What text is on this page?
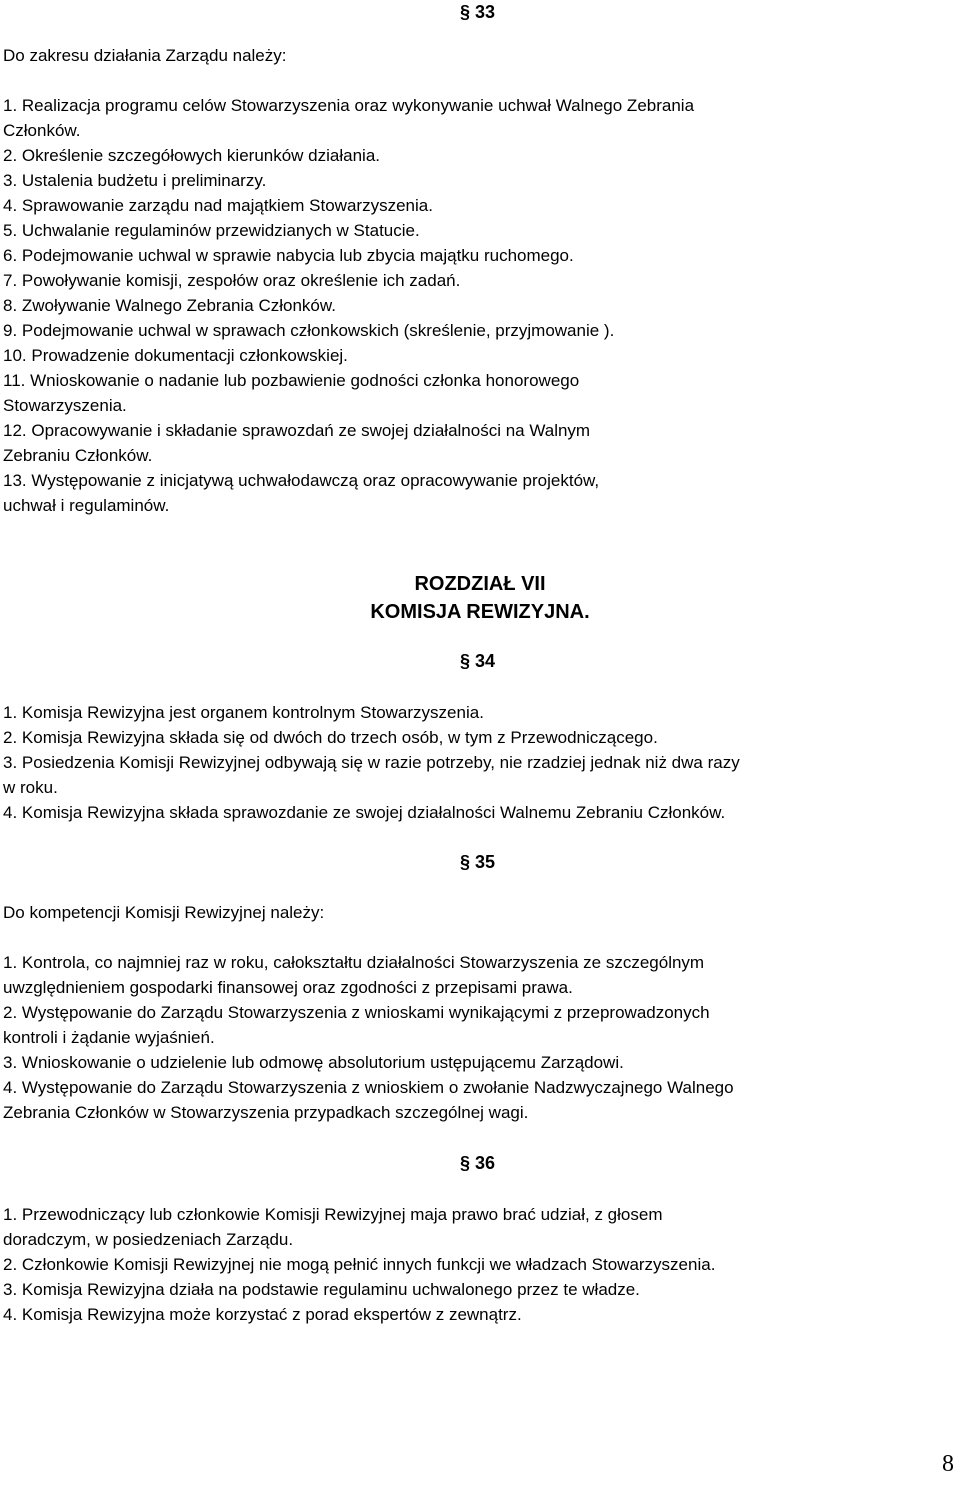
§ 33
Do zakresu działania Zarządu należy:
1. Realizacja programu celów Stowarzyszenia oraz wykonywanie uchwał Walnego Zebrania
Członków.
2. Określenie szczegółowych kierunków działania.
3. Ustalenia budżetu i preliminarzy.
4. Sprawowanie zarządu nad majątkiem Stowarzyszenia.
5. Uchwalanie regulaminów przewidzianych w Statucie.
6. Podejmowanie uchwal w sprawie nabycia lub zbycia majątku ruchomego.
7. Powoływanie komisji, zespołów oraz określenie ich zadań.
8. Zwoływanie Walnego Zebrania Członków.
9. Podejmowanie uchwal w sprawach członkowskich (skreślenie, przyjmowanie ).
10. Prowadzenie dokumentacji członkowskiej.
11. Wnioskowanie o nadanie lub pozbawienie godności członka honorowego
Stowarzyszenia.
12. Opracowywanie i składanie sprawozdań ze swojej działalności na Walnym
Zebraniu Członków.
13. Występowanie z inicjatywą uchwałodawczą oraz opracowywanie projektów,
uchwał i regulaminów.
ROZDZIAŁ VII
KOMISJA REWIZYJNA.
§ 34
1. Komisja Rewizyjna jest organem kontrolnym Stowarzyszenia.
2. Komisja Rewizyjna składa się od dwóch do trzech osób, w tym z Przewodniczącego.
3. Posiedzenia Komisji Rewizyjnej odbywają się w razie potrzeby, nie rzadziej jednak niż dwa razy
w roku.
4. Komisja Rewizyjna składa sprawozdanie ze swojej działalności Walnemu Zebraniu Członków.
§ 35
Do kompetencji Komisji Rewizyjnej należy:
1. Kontrola, co najmniej raz w roku, całokształtu działalności Stowarzyszenia ze szczególnym
uwzględnieniem gospodarki finansowej oraz zgodności z przepisami prawa.
2. Występowanie do Zarządu Stowarzyszenia z wnioskami wynikającymi z przeprowadzonych
kontroli i żądanie wyjaśnień.
3. Wnioskowanie o udzielenie lub odmowę absolutorium ustępującemu Zarządowi.
4. Występowanie do Zarządu Stowarzyszenia z wnioskiem o zwołanie Nadzwyczajnego Walnego
Zebrania Członków w Stowarzyszenia przypadkach szczególnej wagi.
§ 36
1. Przewodniczący lub członkowie Komisji Rewizyjnej maja prawo brać udział, z głosem
doradczym, w posiedzeniach Zarządu.
2. Członkowie Komisji Rewizyjnej nie mogą pełnić innych funkcji we władzach Stowarzyszenia.
3. Komisja Rewizyjna działa na podstawie regulaminu uchwalonego przez te władze.
4. Komisja Rewizyjna może korzystać z porad ekspertów z zewnątrz.
8
